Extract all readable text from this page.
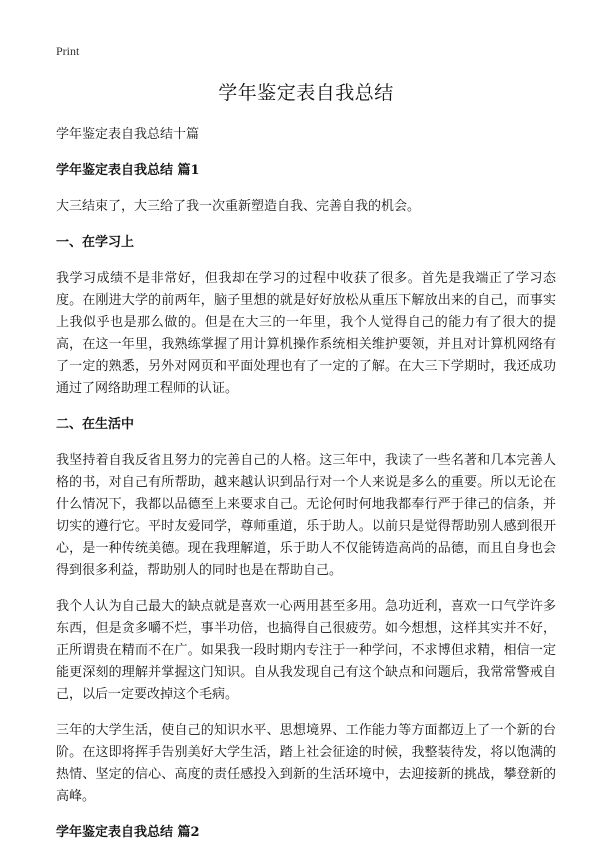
Print
学年鉴定表自我总结
学年鉴定表自我总结十篇
学年鉴定表自我总结 篇1

大三结束了，大三给了我一次重新塑造自我、完善自我的机会。

一、在学习上

我学习成绩不是非常好，但我却在学习的过程中收获了很多。首先是我端正了学习态度。在刚进大学的前两年，脑子里想的就是好好放松从重压下解放出来的自己，而事实上我似乎也是那么做的。但是在大三的一年里，我个人觉得自己的能力有了很大的提高，在这一年里，我熟练掌握了用计算机操作系统相关维护要领，并且对计算机网络有了一定的熟悉，另外对网页和平面处理也有了一定的了解。在大三下学期时，我还成功通过了网络助理工程师的认证。

二、在生活中

我坚持着自我反省且努力的完善自己的人格。这三年中，我读了一些名著和几本完善人格的书，对自己有所帮助，越来越认识到品行对一个人来说是多么的重要。所以无论在什么情况下，我都以品德至上来要求自己。无论何时何地我都奉行严于律己的信条，并切实的遵行它。平时友爱同学，尊师重道，乐于助人。以前只是觉得帮助别人感到很开心，是一种传统美德。现在我理解道，乐于助人不仅能铸造高尚的品德，而且自身也会得到很多利益，帮助别人的同时也是在帮助自己。

我个人认为自己最大的缺点就是喜欢一心两用甚至多用。急功近利，喜欢一口气学许多东西，但是贪多嚼不烂，事半功倍，也搞得自己很疲劳。如今想想，这样其实并不好，正所谓贵在精而不在广。如果我一段时期内专注于一种学问，不求博但求精，相信一定能更深刻的理解并掌握这门知识。自从我发现自己有这个缺点和问题后，我常常警戒自己，以后一定要改掉这个毛病。

三年的大学生活，使自己的知识水平、思想境界、工作能力等方面都迈上了一个新的台阶。在这即将挥手告别美好大学生活，踏上社会征途的时候，我整装待发，将以饱满的热情、坚定的信心、高度的责任感投入到新的生活环境中，去迎接新的挑战，攀登新的高峰。

学年鉴定表自我总结 篇2
